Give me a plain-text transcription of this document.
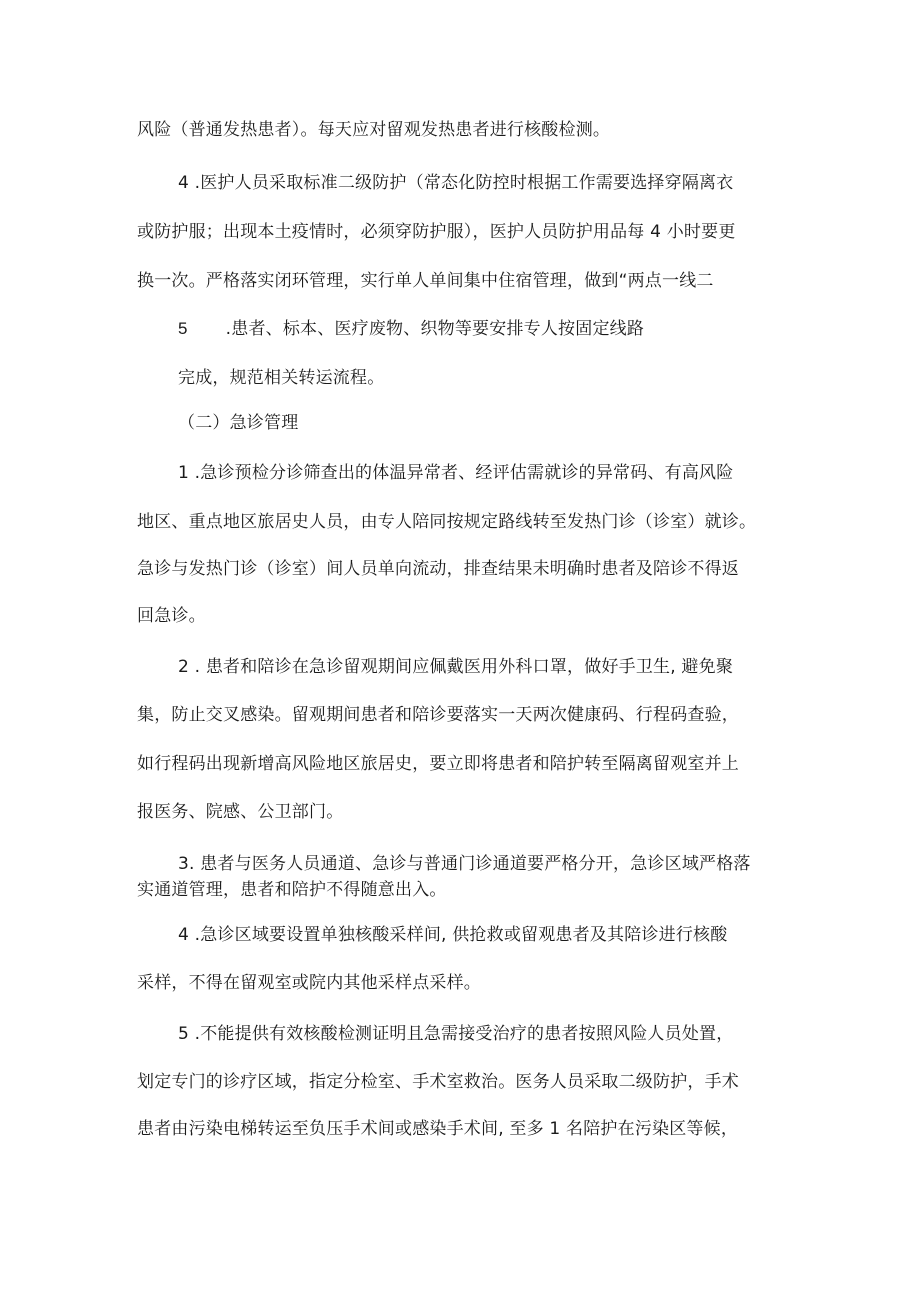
风险（普通发热患者）。每天应对留观发热患者进行核酸检测。
4 .医护人员采取标准二级防护（常态化防控时根据工作需要选择穿隔离衣
或防护服；出现本土疫情时，必须穿防护服），医护人员防护用品每 4 小时要更
换一次。严格落实闭环管理，实行单人单间集中住宿管理，做到“两点一线二
5 .患者、标本、医疗废物、织物等要安排专人按固定线路
完成，规范相关转运流程。
（二）急诊管理
1 .急诊预检分诊筛查出的体温异常者、经评估需就诊的异常码、有高风险
地区、重点地区旅居史人员，由专人陪同按规定路线转至发热门诊（诊室）就诊。
急诊与发热门诊（诊室）间人员单向流动，排查结果未明确时患者及陪诊不得返
回急诊。
2 . 患者和陪诊在急诊留观期间应佩戴医用外科口罩，做好手卫生, 避免聚
集，防止交叉感染。留观期间患者和陪诊要落实一天两次健康码、行程码查验，
如行程码出现新增高风险地区旅居史，要立即将患者和陪护转至隔离留观室并上
报医务、院感、公卫部门。
3. 患者与医务人员通道、急诊与普通门诊通道要严格分开，急诊区域严格落
实通道管理，患者和陪护不得随意出入。
4 .急诊区域要设置单独核酸采样间, 供抢救或留观患者及其陪诊进行核酸
采样，不得在留观室或院内其他采样点采样。
5 .不能提供有效核酸检测证明且急需接受治疗的患者按照风险人员处置，
划定专门的诊疗区域，指定分检室、手术室救治。医务人员采取二级防护，手术
患者由污染电梯转运至负压手术间或感染手术间, 至多 1 名陪护在污染区等候，
